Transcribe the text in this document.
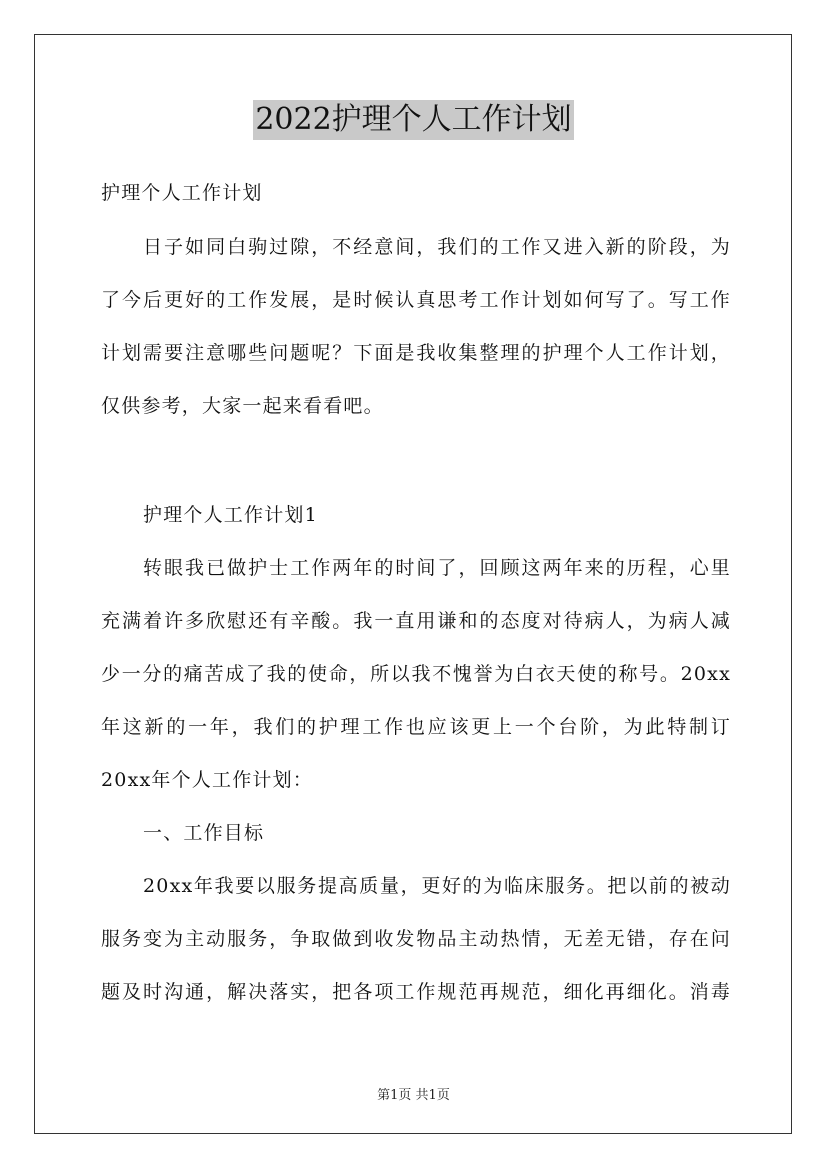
2022护理个人工作计划
护理个人工作计划
日子如同白驹过隙，不经意间，我们的工作又进入新的阶段，为
了今后更好的工作发展，是时候认真思考工作计划如何写了。写工作
计划需要注意哪些问题呢？下面是我收集整理的护理个人工作计划，
仅供参考，大家一起来看看吧。
护理个人工作计划1
转眼我已做护士工作两年的时间了，回顾这两年来的历程，心里
充满着许多欣慰还有辛酸。我一直用谦和的态度对待病人，为病人减
少一分的痛苦成了我的使命，所以我不愧誉为白衣天使的称号。20xx
年这新的一年，我们的护理工作也应该更上一个台阶，为此特制订
20xx年个人工作计划：
一、工作目标
20xx年我要以服务提高质量，更好的为临床服务。把以前的被动
服务变为主动服务，争取做到收发物品主动热情，无差无错，存在问
题及时沟通，解决落实，把各项工作规范再规范，细化再细化。消毒
第1页 共1页
